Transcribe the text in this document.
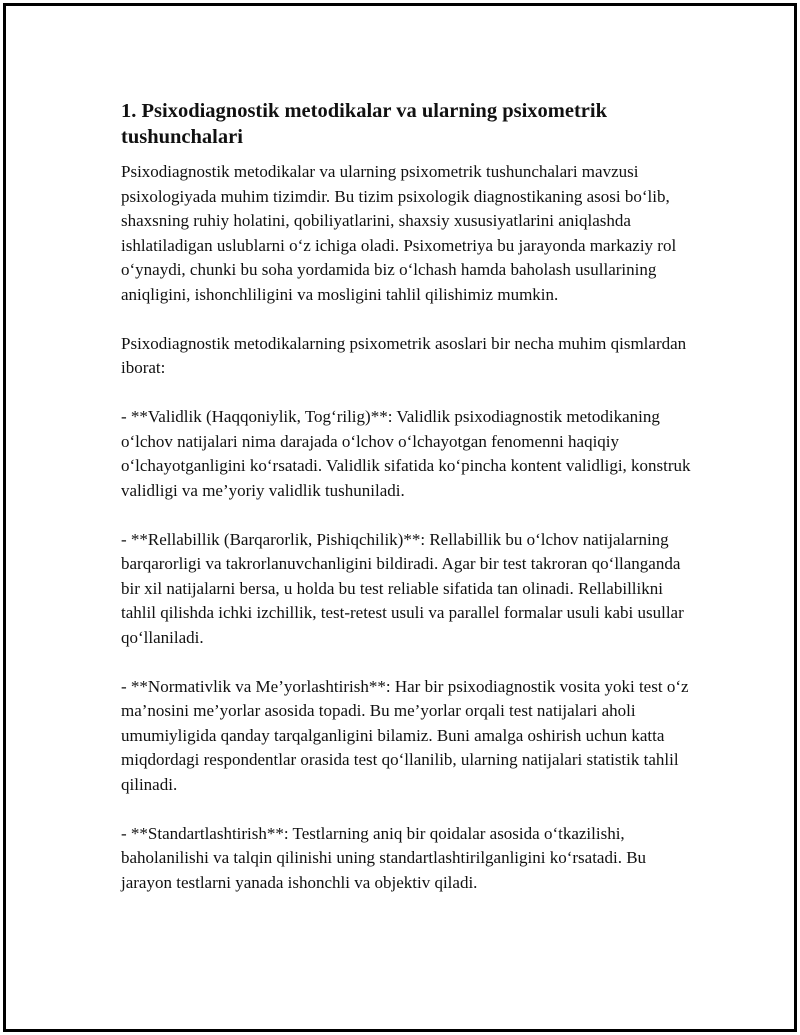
1. Psixodiagnostik metodikalar va ularning psixometrik tushunchalari

Psixodiagnostik metodikalar va ularning psixometrik tushunchalari mavzusi psixologiyada muhim tizimdir. Bu tizim psixologik diagnostikaning asosi bo‘lib, shaxsning ruhiy holatini, qobiliyatlarini, shaxsiy xususiyatlarini aniqlashda ishlatiladigan uslublarni o‘z ichiga oladi. Psixometriya bu jarayonda markaziy rol o‘ynaydi, chunki bu soha yordamida biz o‘lchash hamda baholash usullarining aniqligini, ishonchliligini va mosligini tahlil qilishimiz mumkin.

Psixodiagnostik metodikalarning psixometrik asoslari bir necha muhim qismlardan iborat:

- **Validlik (Haqqoniylik, Tog‘rilig)**: Validlik psixodiagnostik metodikaning o‘lchov natijalari nima darajada o‘lchov o‘lchayotgan fenomenni haqiqiy o‘lchayotganligini ko‘rsatadi. Validlik sifatida ko‘pincha kontent validligi, konstruk validligi va me’yoriy validlik tushuniladi.

- **Rellabillik (Barqarorlik, Pishiqchilik)**: Rellabillik bu o‘lchov natijalarning barqarorligi va takrorlanuvchanligini bildiradi. Agar bir test takroran qo‘llanganda bir xil natijalarni bersa, u holda bu test reliable sifatida tan olinadi. Rellabillikni tahlil qilishda ichki izchillik, test-retest usuli va parallel formalar usuli kabi usullar qo‘llaniladi.

- **Normativlik va Me’yorlashtirish**: Har bir psixodiagnostik vosita yoki test o‘z ma’nosini me’yorlar asosida topadi. Bu me’yorlar orqali test natijalari aholi umumiyligida qanday tarqalganligini bilamiz. Buni amalga oshirish uchun katta miqdordagi respondentlar orasida test qo‘llanilib, ularning natijalari statistik tahlil qilinadi.

- **Standartlashtirish**: Testlarning aniq bir qoidalar asosida o‘tkazilishi, baholanilishi va talqin qilinishi uning standartlashtirilganligini ko‘rsatadi. Bu jarayon testlarni yanada ishonchli va objektiv qiladi.
